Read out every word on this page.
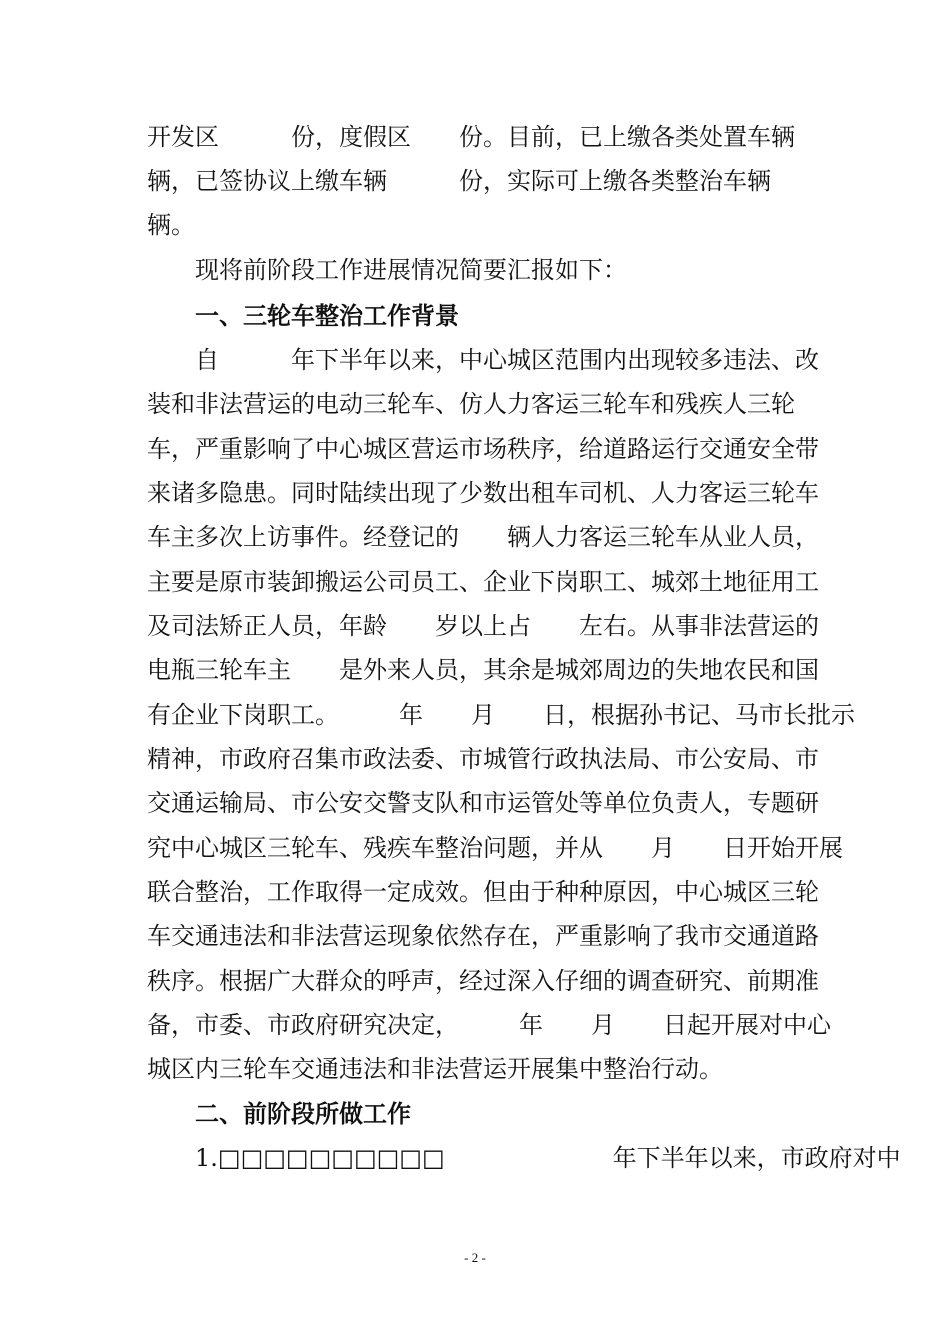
开发区　　　份，度假区　　份。目前，已上缴各类处置车辆
辆，已签协议上缴车辆　　　份，实际可上缴各类整治车辆
辆。
　　现将前阶段工作进展情况简要汇报如下：
　　一、三轮车整治工作背景
　　自　　　年下半年以来，中心城区范围内出现较多违法、改
装和非法营运的电动三轮车、仿人力客运三轮车和残疾人三轮
车，严重影响了中心城区营运市场秩序，给道路运行交通安全带
来诸多隐患。同时陆续出现了少数出租车司机、人力客运三轮车
车主多次上访事件。经登记的　　辆人力客运三轮车从业人员，
主要是原市装卸搬运公司员工、企业下岗职工、城郊土地征用工
及司法矫正人员，年龄　　岁以上占　　左右。从事非法营运的
电瓶三轮车主　　是外来人员，其余是城郊周边的失地农民和国
有企业下岗职工。　　　年　　月　　日，根据孙书记、马市长批示
精神，市政府召集市政法委、市城管行政执法局、市公安局、市
交通运输局、市公安交警支队和市运管处等单位负责人，专题研
究中心城区三轮车、残疾车整治问题，并从　　月　　日开始开展
联合整治，工作取得一定成效。但由于种种原因，中心城区三轮
车交通违法和非法营运现象依然存在，严重影响了我市交通道路
秩序。根据广大群众的呼声，经过深入仔细的调查研究、前期准
备，市委、市政府研究决定，　　　年　　月　　日起开展对中心
城区内三轮车交通违法和非法营运开展集中整治行动。
　　二、前阶段所做工作
　　1.□□□□□□□□□□　　　　　　　年下半年以来，市政府对中
- 2 -
